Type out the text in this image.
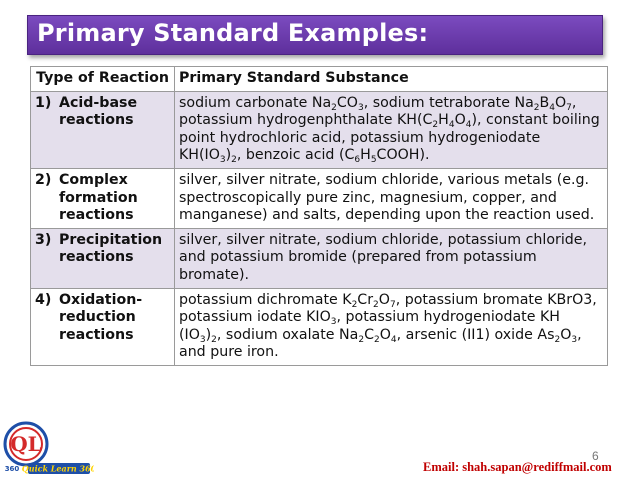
Primary Standard Examples:
Type of Reaction	Primary Standard Substance

1) Acid-base reactions	sodium carbonate $Na_2CO_3$, sodium tetraborate $Na_2B_4O_7$, potassium hydrogenphthalate $KH(C_2H_4O_4)$, constant boiling point hydrochloric acid, potassium hydrogeniodate $KH(IO_3)_2$, benzoic acid $(C_6H_5COOH)$.

2) Complex formation reactions	silver, silver nitrate, sodium chloride, various metals (e.g. spectroscopically pure zinc, magnesium, copper, and manganese) and salts, depending upon the reaction used.

3) Precipitation reactions	silver, silver nitrate, sodium chloride, potassium chloride, and potassium bromide (prepared from potassium bromate).

4) Oxidation-reduction reactions	potassium dichromate $K_2Cr_2O_7$, potassium bromate KBrO3, potassium iodate $KIO_3$, potassium hydrogeniodate KH $(IO_3)_2$, sodium oxalate $Na_2C_2O_4$, arsenic (II1) oxide $As_2O_3$, and pure iron.
QL
360 Quick Learn 360
6
Email: shah.sapan@rediffmail.com
